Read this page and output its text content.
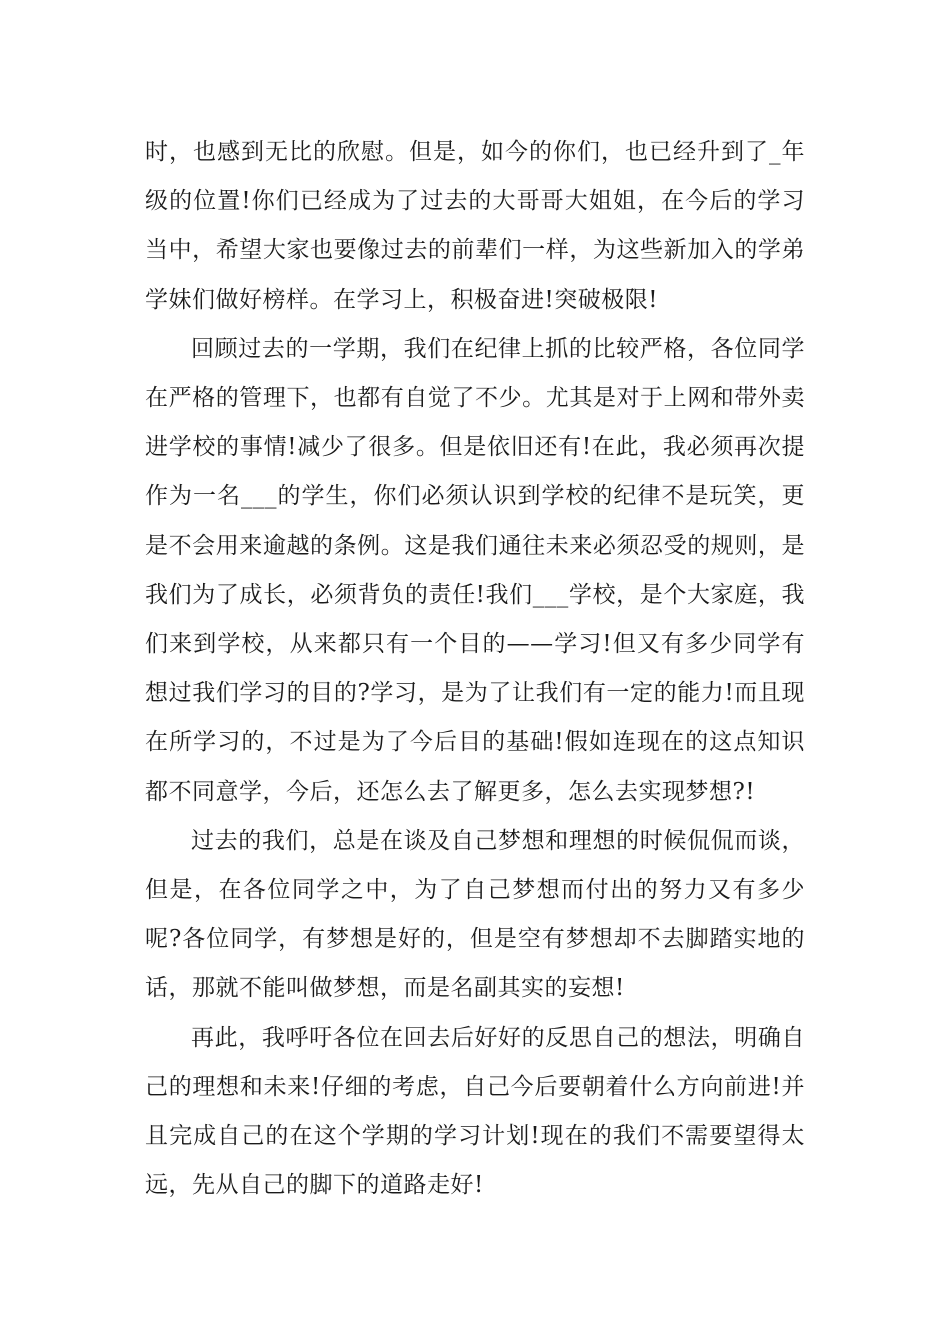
时，也感到无比的欣慰。但是，如今的你们，也已经升到了_年级的位置!你们已经成为了过去的大哥哥大姐姐，在今后的学习当中，希望大家也要像过去的前辈们一样，为这些新加入的学弟学妹们做好榜样。在学习上，积极奋进!突破极限!

回顾过去的一学期，我们在纪律上抓的比较严格，各位同学在严格的管理下，也都有自觉了不少。尤其是对于上网和带外卖进学校的事情!减少了很多。但是依旧还有!在此，我必须再次提作为一名___的学生，你们必须认识到学校的纪律不是玩笑，更是不会用来逾越的条例。这是我们通往未来必须忍受的规则，是我们为了成长，必须背负的责任!我们___学校，是个大家庭，我们来到学校，从来都只有一个目的——学习!但又有多少同学有想过我们学习的目的?学习，是为了让我们有一定的能力!而且现在所学习的，不过是为了今后目的基础!假如连现在的这点知识都不同意学，今后，还怎么去了解更多，怎么去实现梦想?!

过去的我们，总是在谈及自己梦想和理想的时候侃侃而谈，但是，在各位同学之中，为了自己梦想而付出的努力又有多少呢?各位同学，有梦想是好的，但是空有梦想却不去脚踏实地的话，那就不能叫做梦想，而是名副其实的妄想!

再此，我呼吁各位在回去后好好的反思自己的想法，明确自己的理想和未来!仔细的考虑，自己今后要朝着什么方向前进!并且完成自己的在这个学期的学习计划!现在的我们不需要望得太远，先从自己的脚下的道路走好!
